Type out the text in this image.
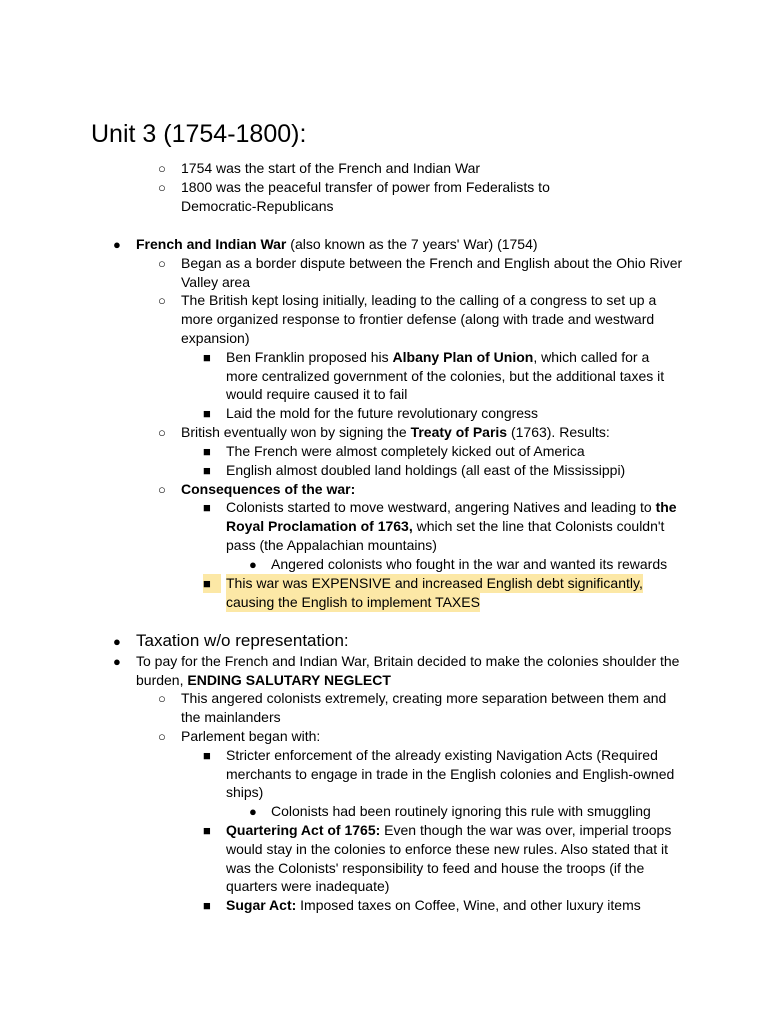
Unit 3 (1754-1800):
○ 1754 was the start of the French and Indian War
○ 1800 was the peaceful transfer of power from Federalists to
Democratic-Republicans
● French and Indian War (also known as the 7 years' War) (1754)
○ Began as a border dispute between the French and English about the Ohio River
Valley area
○ The British kept losing initially, leading to the calling of a congress to set up a
more organized response to frontier defense (along with trade and westward
expansion)
■ Ben Franklin proposed his Albany Plan of Union, which called for a
more centralized government of the colonies, but the additional taxes it
would require caused it to fail
■ Laid the mold for the future revolutionary congress
○ British eventually won by signing the Treaty of Paris (1763). Results:
■ The French were almost completely kicked out of America
■ English almost doubled land holdings (all east of the Mississippi)
○ Consequences of the war:
■ Colonists started to move westward, angering Natives and leading to the
Royal Proclamation of 1763, which set the line that Colonists couldn't
pass (the Appalachian mountains)
● Angered colonists who fought in the war and wanted its rewards
■	This war was EXPENSIVE and increased English debt significantly,
causing the English to implement TAXES
● Taxation w/o representation:
● To pay for the French and Indian War, Britain decided to make the colonies shoulder the
burden, ENDING SALUTARY NEGLECT
○ This angered colonists extremely, creating more separation between them and
the mainlanders
○ Parlement began with:
■ Stricter enforcement of the already existing Navigation Acts (Required
merchants to engage in trade in the English colonies and English-owned
ships)
● Colonists had been routinely ignoring this rule with smuggling
■ Quartering Act of 1765: Even though the war was over, imperial troops
would stay in the colonies to enforce these new rules. Also stated that it
was the Colonists' responsibility to feed and house the troops (if the
quarters were inadequate)
■ Sugar Act: Imposed taxes on Coffee, Wine, and other luxury items
